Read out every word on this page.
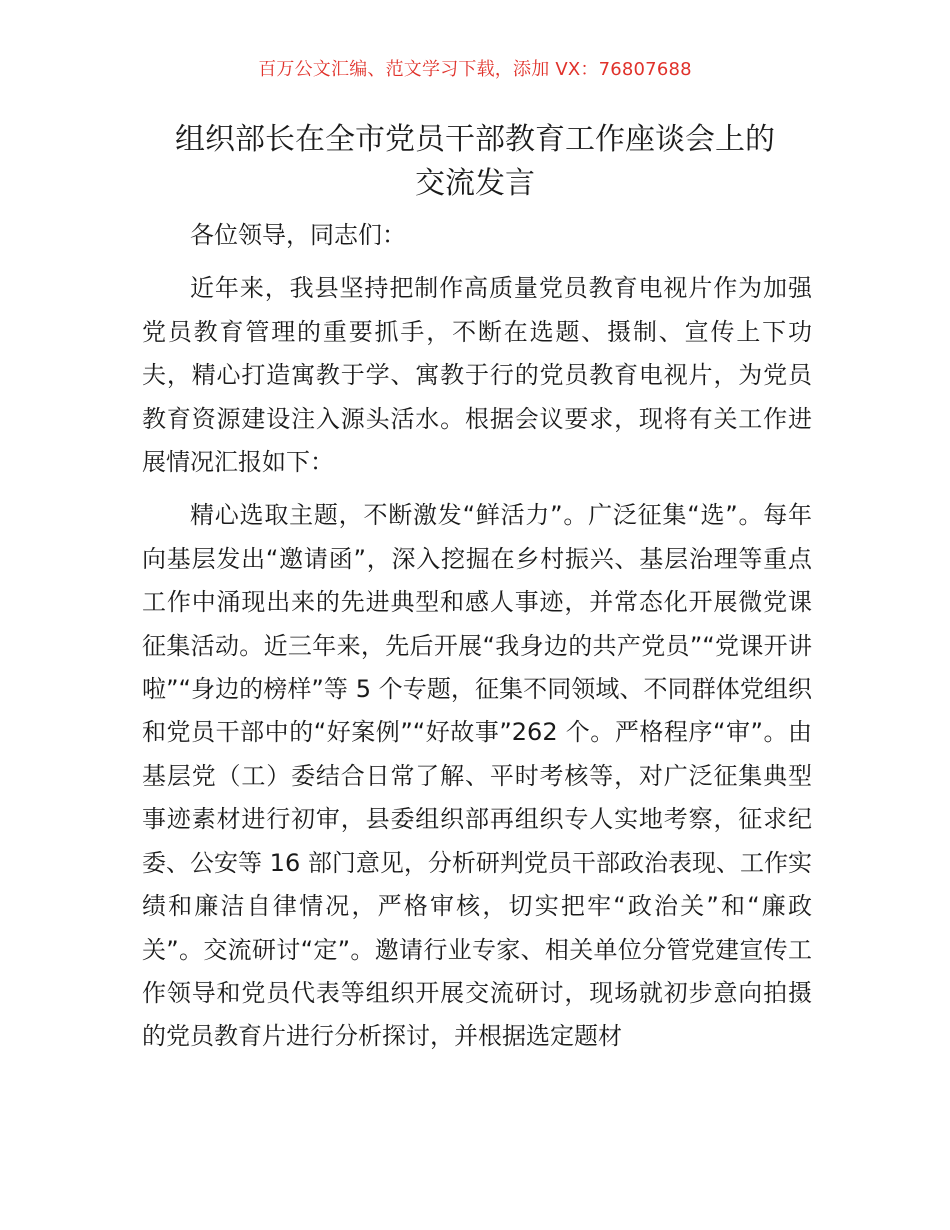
百万公文汇编、范文学习下载，添加 VX：76807688
组织部长在全市党员干部教育工作座谈会上的
交流发言

各位领导，同志们：

近年来，我县坚持把制作高质量党员教育电视片作为加强党员教育管理的重要抓手，不断在选题、摄制、宣传上下功夫，精心打造寓教于学、寓教于行的党员教育电视片，为党员教育资源建设注入源头活水。根据会议要求，现将有关工作进展情况汇报如下：

精心选取主题，不断激发“鲜活力”。广泛征集“选”。每年向基层发出“邀请函”，深入挖掘在乡村振兴、基层治理等重点工作中涌现出来的先进典型和感人事迹，并常态化开展微党课征集活动。近三年来，先后开展“我身边的共产党员”“党课开讲啦”“身边的榜样”等 5 个专题，征集不同领域、不同群体党组织和党员干部中的“好案例”“好故事”262 个。严格程序“审”。由基层党（工）委结合日常了解、平时考核等，对广泛征集典型事迹素材进行初审，县委组织部再组织专人实地考察，征求纪委、公安等 16 部门意见，分析研判党员干部政治表现、工作实绩和廉洁自律情况，严格审核，切实把牢“政治关”和“廉政关”。交流研讨“定”。邀请行业专家、相关单位分管党建宣传工作领导和党员代表等组织开展交流研讨，现场就初步意向拍摄的党员教育片进行分析探讨，并根据选定题材
